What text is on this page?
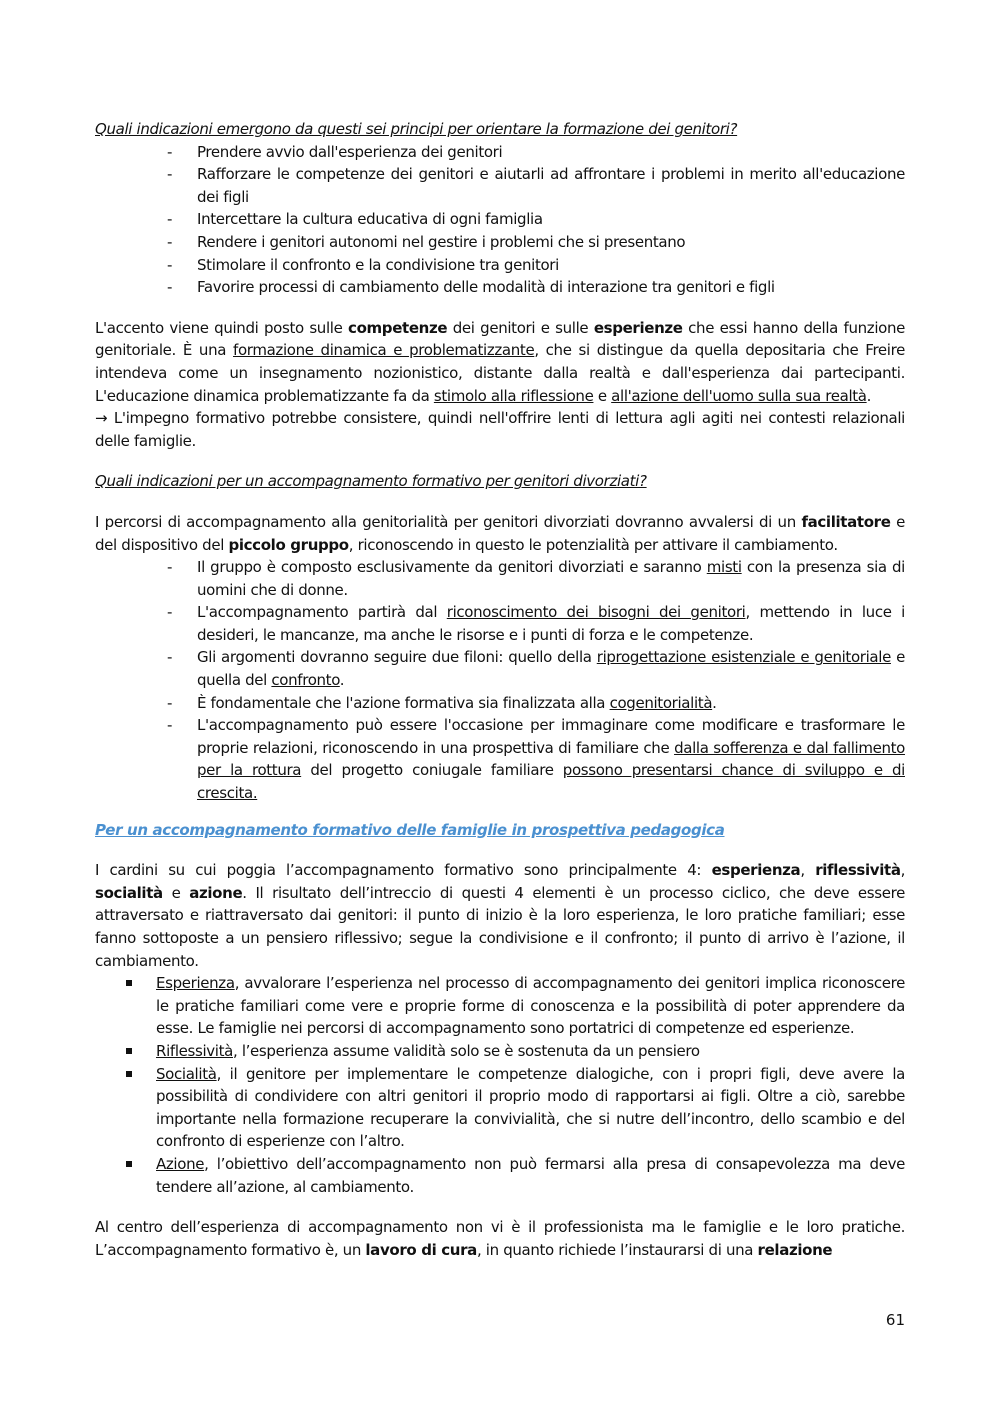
Quali indicazioni emergono da questi sei principi per orientare la formazione dei genitori?

- Prendere avvio dall'esperienza dei genitori
- Rafforzare le competenze dei genitori e aiutarli ad affrontare i problemi in merito all'educazione dei figli
- Intercettare la cultura educativa di ogni famiglia
- Rendere i genitori autonomi nel gestire i problemi che si presentano
- Stimolare il confronto e la condivisione tra genitori
- Favorire processi di cambiamento delle modalità di interazione tra genitori e figli

L'accento viene quindi posto sulle competenze dei genitori e sulle esperienze che essi hanno della funzione genitoriale. È una formazione dinamica e problematizzante, che si distingue da quella depositaria che Freire intendeva come un insegnamento nozionistico, distante dalla realtà e dall'esperienza dai partecipanti. L'educazione dinamica problematizzante fa da stimolo alla riflessione e all'azione dell'uomo sulla sua realtà.
→ L'impegno formativo potrebbe consistere, quindi nell'offrire lenti di lettura agli agiti nei contesti relazionali delle famiglie.

Quali indicazioni per un accompagnamento formativo per genitori divorziati?

I percorsi di accompagnamento alla genitorialità per genitori divorziati dovranno avvalersi di un facilitatore e del dispositivo del piccolo gruppo, riconoscendo in questo le potenzialità per attivare il cambiamento.

- Il gruppo è composto esclusivamente da genitori divorziati e saranno misti con la presenza sia di uomini che di donne.
- L'accompagnamento partirà dal riconoscimento dei bisogni dei genitori, mettendo in luce i desideri, le mancanze, ma anche le risorse e i punti di forza e le competenze.
- Gli argomenti dovranno seguire due filoni: quello della riprogettazione esistenziale e genitoriale e quella del confronto.
- È fondamentale che l'azione formativa sia finalizzata alla cogenitorialità.
- L'accompagnamento può essere l'occasione per immaginare come modificare e trasformare le proprie relazioni, riconoscendo in una prospettiva di familiare che dalla sofferenza e dal fallimento per la rottura del progetto coniugale familiare possono presentarsi chance di sviluppo e di crescita.

Per un accompagnamento formativo delle famiglie in prospettiva pedagogica

I cardini su cui poggia l’accompagnamento formativo sono principalmente 4: esperienza, riflessività, socialità e azione. Il risultato dell’intreccio di questi 4 elementi è un processo ciclico, che deve essere attraversato e riattraversato dai genitori: il punto di inizio è la loro esperienza, le loro pratiche familiari; esse fanno sottoposte a un pensiero riflessivo; segue la condivisione e il confronto; il punto di arrivo è l’azione, il cambiamento.

Esperienza, avvalorare l’esperienza nel processo di accompagnamento dei genitori implica riconoscere le pratiche familiari come vere e proprie forme di conoscenza e la possibilità di poter apprendere da esse. Le famiglie nei percorsi di accompagnamento sono portatrici di competenze ed esperienze.
Riflessività, l’esperienza assume validità solo se è sostenuta da un pensiero
Socialità, il genitore per implementare le competenze dialogiche, con i propri figli, deve avere la possibilità di condividere con altri genitori il proprio modo di rapportarsi ai figli. Oltre a ciò, sarebbe importante nella formazione recuperare la convivialità, che si nutre dell’incontro, dello scambio e del confronto di esperienze con l’altro.
Azione, l’obiettivo dell’accompagnamento non può fermarsi alla presa di consapevolezza ma deve tendere all’azione, al cambiamento.

Al centro dell’esperienza di accompagnamento non vi è il professionista ma le famiglie e le loro pratiche. L’accompagnamento formativo è, un lavoro di cura, in quanto richiede l’instaurarsi di una relazione

61
